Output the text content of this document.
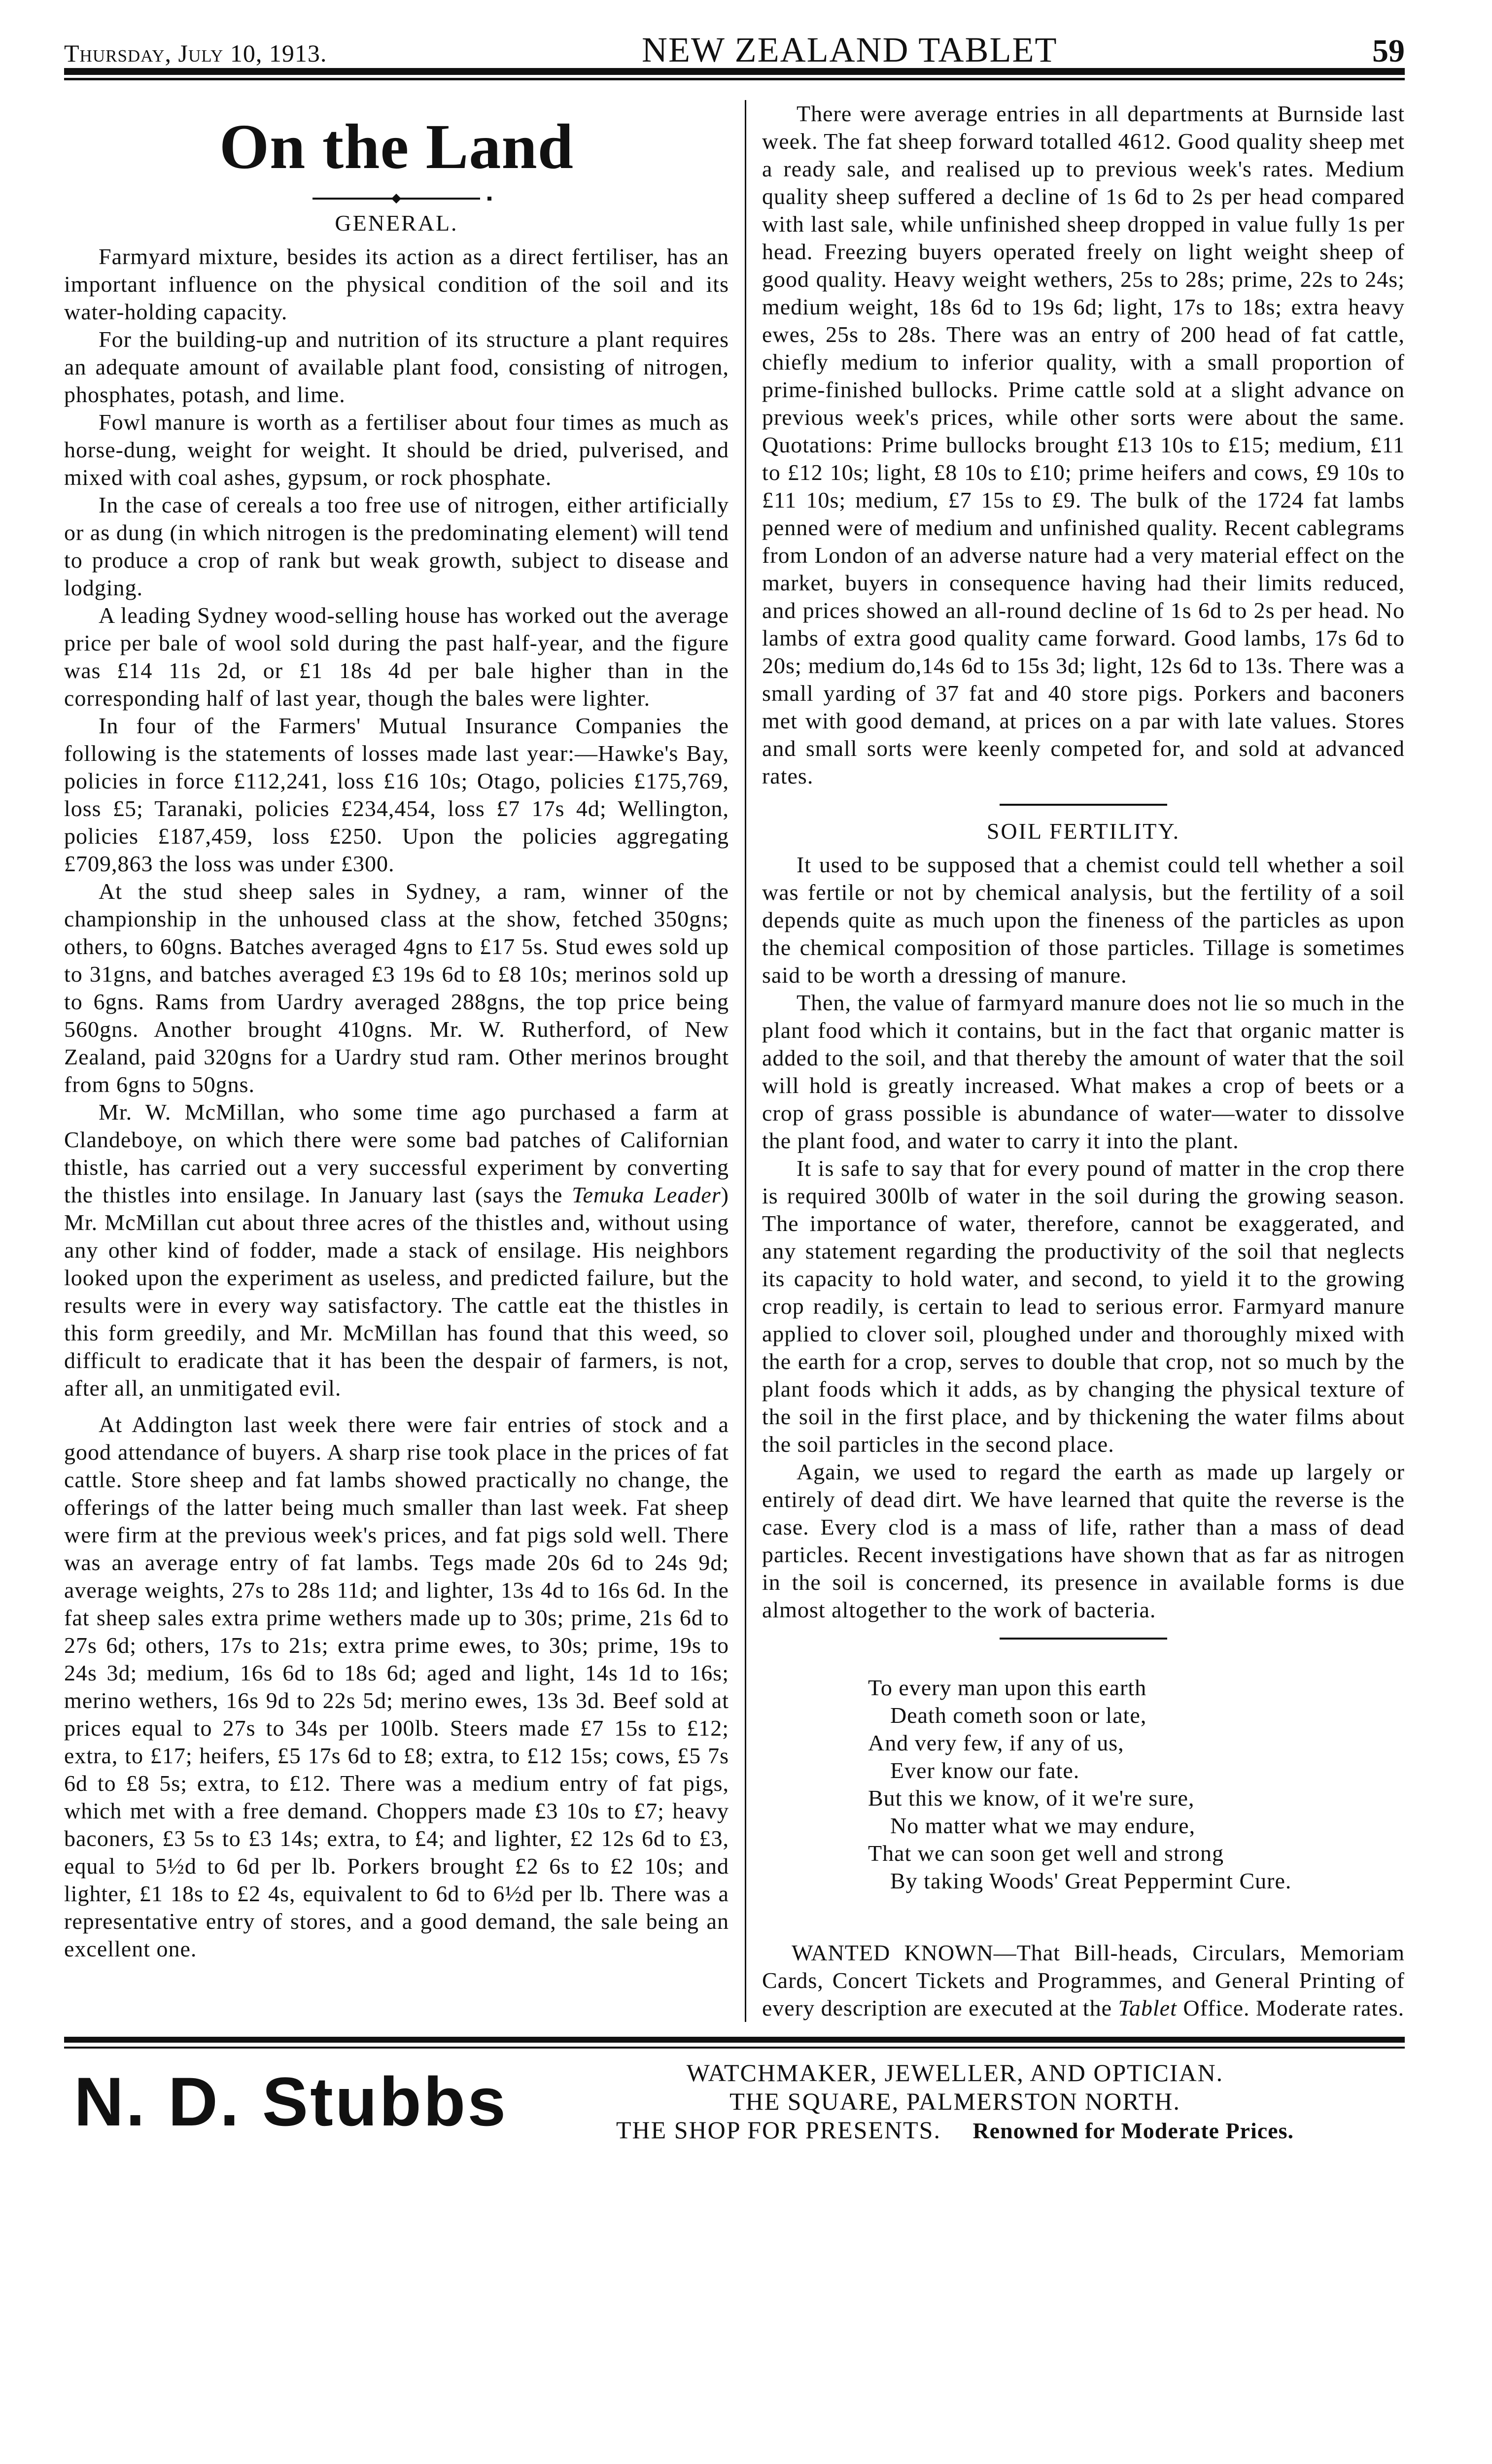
Thursday, July 10, 1913.	NEW ZEALAND TABLET	59
On the Land
GENERAL.

Farmyard mixture, besides its action as a direct fertiliser, has an important influence on the physical condition of the soil and its water-holding capacity.

For the building-up and nutrition of its structure a plant requires an adequate amount of available plant food, consisting of nitrogen, phosphates, potash, and lime.

Fowl manure is worth as a fertiliser about four times as much as horse-dung, weight for weight. It should be dried, pulverised, and mixed with coal ashes, gypsum, or rock phosphate.

In the case of cereals a too free use of nitrogen, either artificially or as dung (in which nitrogen is the predominating element) will tend to produce a crop of rank but weak growth, subject to disease and lodging.

A leading Sydney wood-selling house has worked out the average price per bale of wool sold during the past half-year, and the figure was £14 11s 2d, or £1 18s 4d per bale higher than in the corresponding half of last year, though the bales were lighter.

In four of the Farmers' Mutual Insurance Companies the following is the statements of losses made last year:—Hawke's Bay, policies in force £112,241, loss £16 10s; Otago, policies £175,769, loss £5; Taranaki, policies £234,454, loss £7 17s 4d; Wellington, policies £187,459, loss £250. Upon the policies aggregating £709,863 the loss was under £300.

At the stud sheep sales in Sydney, a ram, winner of the championship in the unhoused class at the show, fetched 350gns; others, to 60gns. Batches averaged 4gns to £17 5s. Stud ewes sold up to 31gns, and batches averaged £3 19s 6d to £8 10s; merinos sold up to 6gns. Rams from Uardry averaged 288gns, the top price being 560gns. Another brought 410gns. Mr. W. Rutherford, of New Zealand, paid 320gns for a Uardry stud ram. Other merinos brought from 6gns to 50gns.

Mr. W. McMillan, who some time ago purchased a farm at Clandeboye, on which there were some bad patches of Californian thistle, has carried out a very successful experiment by converting the thistles into ensilage. In January last (says the Temuka Leader) Mr. McMillan cut about three acres of the thistles and, without using any other kind of fodder, made a stack of ensilage. His neighbors looked upon the experiment as useless, and predicted failure, but the results were in every way satisfactory. The cattle eat the thistles in this form greedily, and Mr. McMillan has found that this weed, so difficult to eradicate that it has been the despair of farmers, is not, after all, an unmitigated evil.

At Addington last week there were fair entries of stock and a good attendance of buyers. A sharp rise took place in the prices of fat cattle. Store sheep and fat lambs showed practically no change, the offerings of the latter being much smaller than last week. Fat sheep were firm at the previous week's prices, and fat pigs sold well. There was an average entry of fat lambs. Tegs made 20s 6d to 24s 9d; average weights, 27s to 28s 11d; and lighter, 13s 4d to 16s 6d. In the fat sheep sales extra prime wethers made up to 30s; prime, 21s 6d to 27s 6d; others, 17s to 21s; extra prime ewes, to 30s; prime, 19s to 24s 3d; medium, 16s 6d to 18s 6d; aged and light, 14s 1d to 16s; merino wethers, 16s 9d to 22s 5d; merino ewes, 13s 3d. Beef sold at prices equal to 27s to 34s per 100lb. Steers made £7 15s to £12; extra, to £17; heifers, £5 17s 6d to £8; extra, to £12 15s; cows, £5 7s 6d to £8 5s; extra, to £12. There was a medium entry of fat pigs, which met with a free demand. Choppers made £3 10s to £7; heavy baconers, £3 5s to £3 14s; extra, to £4; and lighter, £2 12s 6d to £3, equal to 5½d to 6d per lb. Porkers brought £2 6s to £2 10s; and lighter, £1 18s to £2 4s, equivalent to 6d to 6½d per lb. There was a representative entry of stores, and a good demand, the sale being an excellent one.

There were average entries in all departments at Burnside last week. The fat sheep forward totalled 4612. Good quality sheep met a ready sale, and realised up to previous week's rates. Medium quality sheep suffered a decline of 1s 6d to 2s per head compared with last sale, while unfinished sheep dropped in value fully 1s per head. Freezing buyers operated freely on light weight sheep of good quality. Heavy weight wethers, 25s to 28s; prime, 22s to 24s; medium weight, 18s 6d to 19s 6d; light, 17s to 18s; extra heavy ewes, 25s to 28s. There was an entry of 200 head of fat cattle, chiefly medium to inferior quality, with a small proportion of prime-finished bullocks. Prime cattle sold at a slight advance on previous week's prices, while other sorts were about the same. Quotations: Prime bullocks brought £13 10s to £15; medium, £11 to £12 10s; light, £8 10s to £10; prime heifers and cows, £9 10s to £11 10s; medium, £7 15s to £9. The bulk of the 1724 fat lambs penned were of medium and unfinished quality. Recent cablegrams from London of an adverse nature had a very material effect on the market, buyers in consequence having had their limits reduced, and prices showed an all-round decline of 1s 6d to 2s per head. No lambs of extra good quality came forward. Good lambs, 17s 6d to 20s; medium do,14s 6d to 15s 3d; light, 12s 6d to 13s. There was a small yarding of 37 fat and 40 store pigs. Porkers and baconers met with good demand, at prices on a par with late values. Stores and small sorts were keenly competed for, and sold at advanced rates.

SOIL FERTILITY.

It used to be supposed that a chemist could tell whether a soil was fertile or not by chemical analysis, but the fertility of a soil depends quite as much upon the fineness of the particles as upon the chemical composition of those particles. Tillage is sometimes said to be worth a dressing of manure.

Then, the value of farmyard manure does not lie so much in the plant food which it contains, but in the fact that organic matter is added to the soil, and that thereby the amount of water that the soil will hold is greatly increased. What makes a crop of beets or a crop of grass possible is abundance of water—water to dissolve the plant food, and water to carry it into the plant.

It is safe to say that for every pound of matter in the crop there is required 300lb of water in the soil during the growing season. The importance of water, therefore, cannot be exaggerated, and any statement regarding the productivity of the soil that neglects its capacity to hold water, and second, to yield it to the growing crop readily, is certain to lead to serious error. Farmyard manure applied to clover soil, ploughed under and thoroughly mixed with the earth for a crop, serves to double that crop, not so much by the plant foods which it adds, as by changing the physical texture of the soil in the first place, and by thickening the water films about the soil particles in the second place.

Again, we used to regard the earth as made up largely or entirely of dead dirt. We have learned that quite the reverse is the case. Every clod is a mass of life, rather than a mass of dead particles. Recent investigations have shown that as far as nitrogen in the soil is concerned, its presence in available forms is due almost altogether to the work of bacteria.

To every man upon this earth
Death cometh soon or late,
And very few, if any of us,
Ever know our fate.
But this we know, of it we're sure,
No matter what we may endure,
That we can soon get well and strong
By taking Woods' Great Peppermint Cure.

WANTED KNOWN—That Bill-heads, Circulars, Memoriam Cards, Concert Tickets and Programmes, and General Printing of every description are executed at the Tablet Office. Moderate rates.

N. D. Stubbs	WATCHMAKER, JEWELLER, AND OPTICIAN.
THE SQUARE, PALMERSTON NORTH.
THE SHOP FOR PRESENTS. Renowned for Moderate Prices.
